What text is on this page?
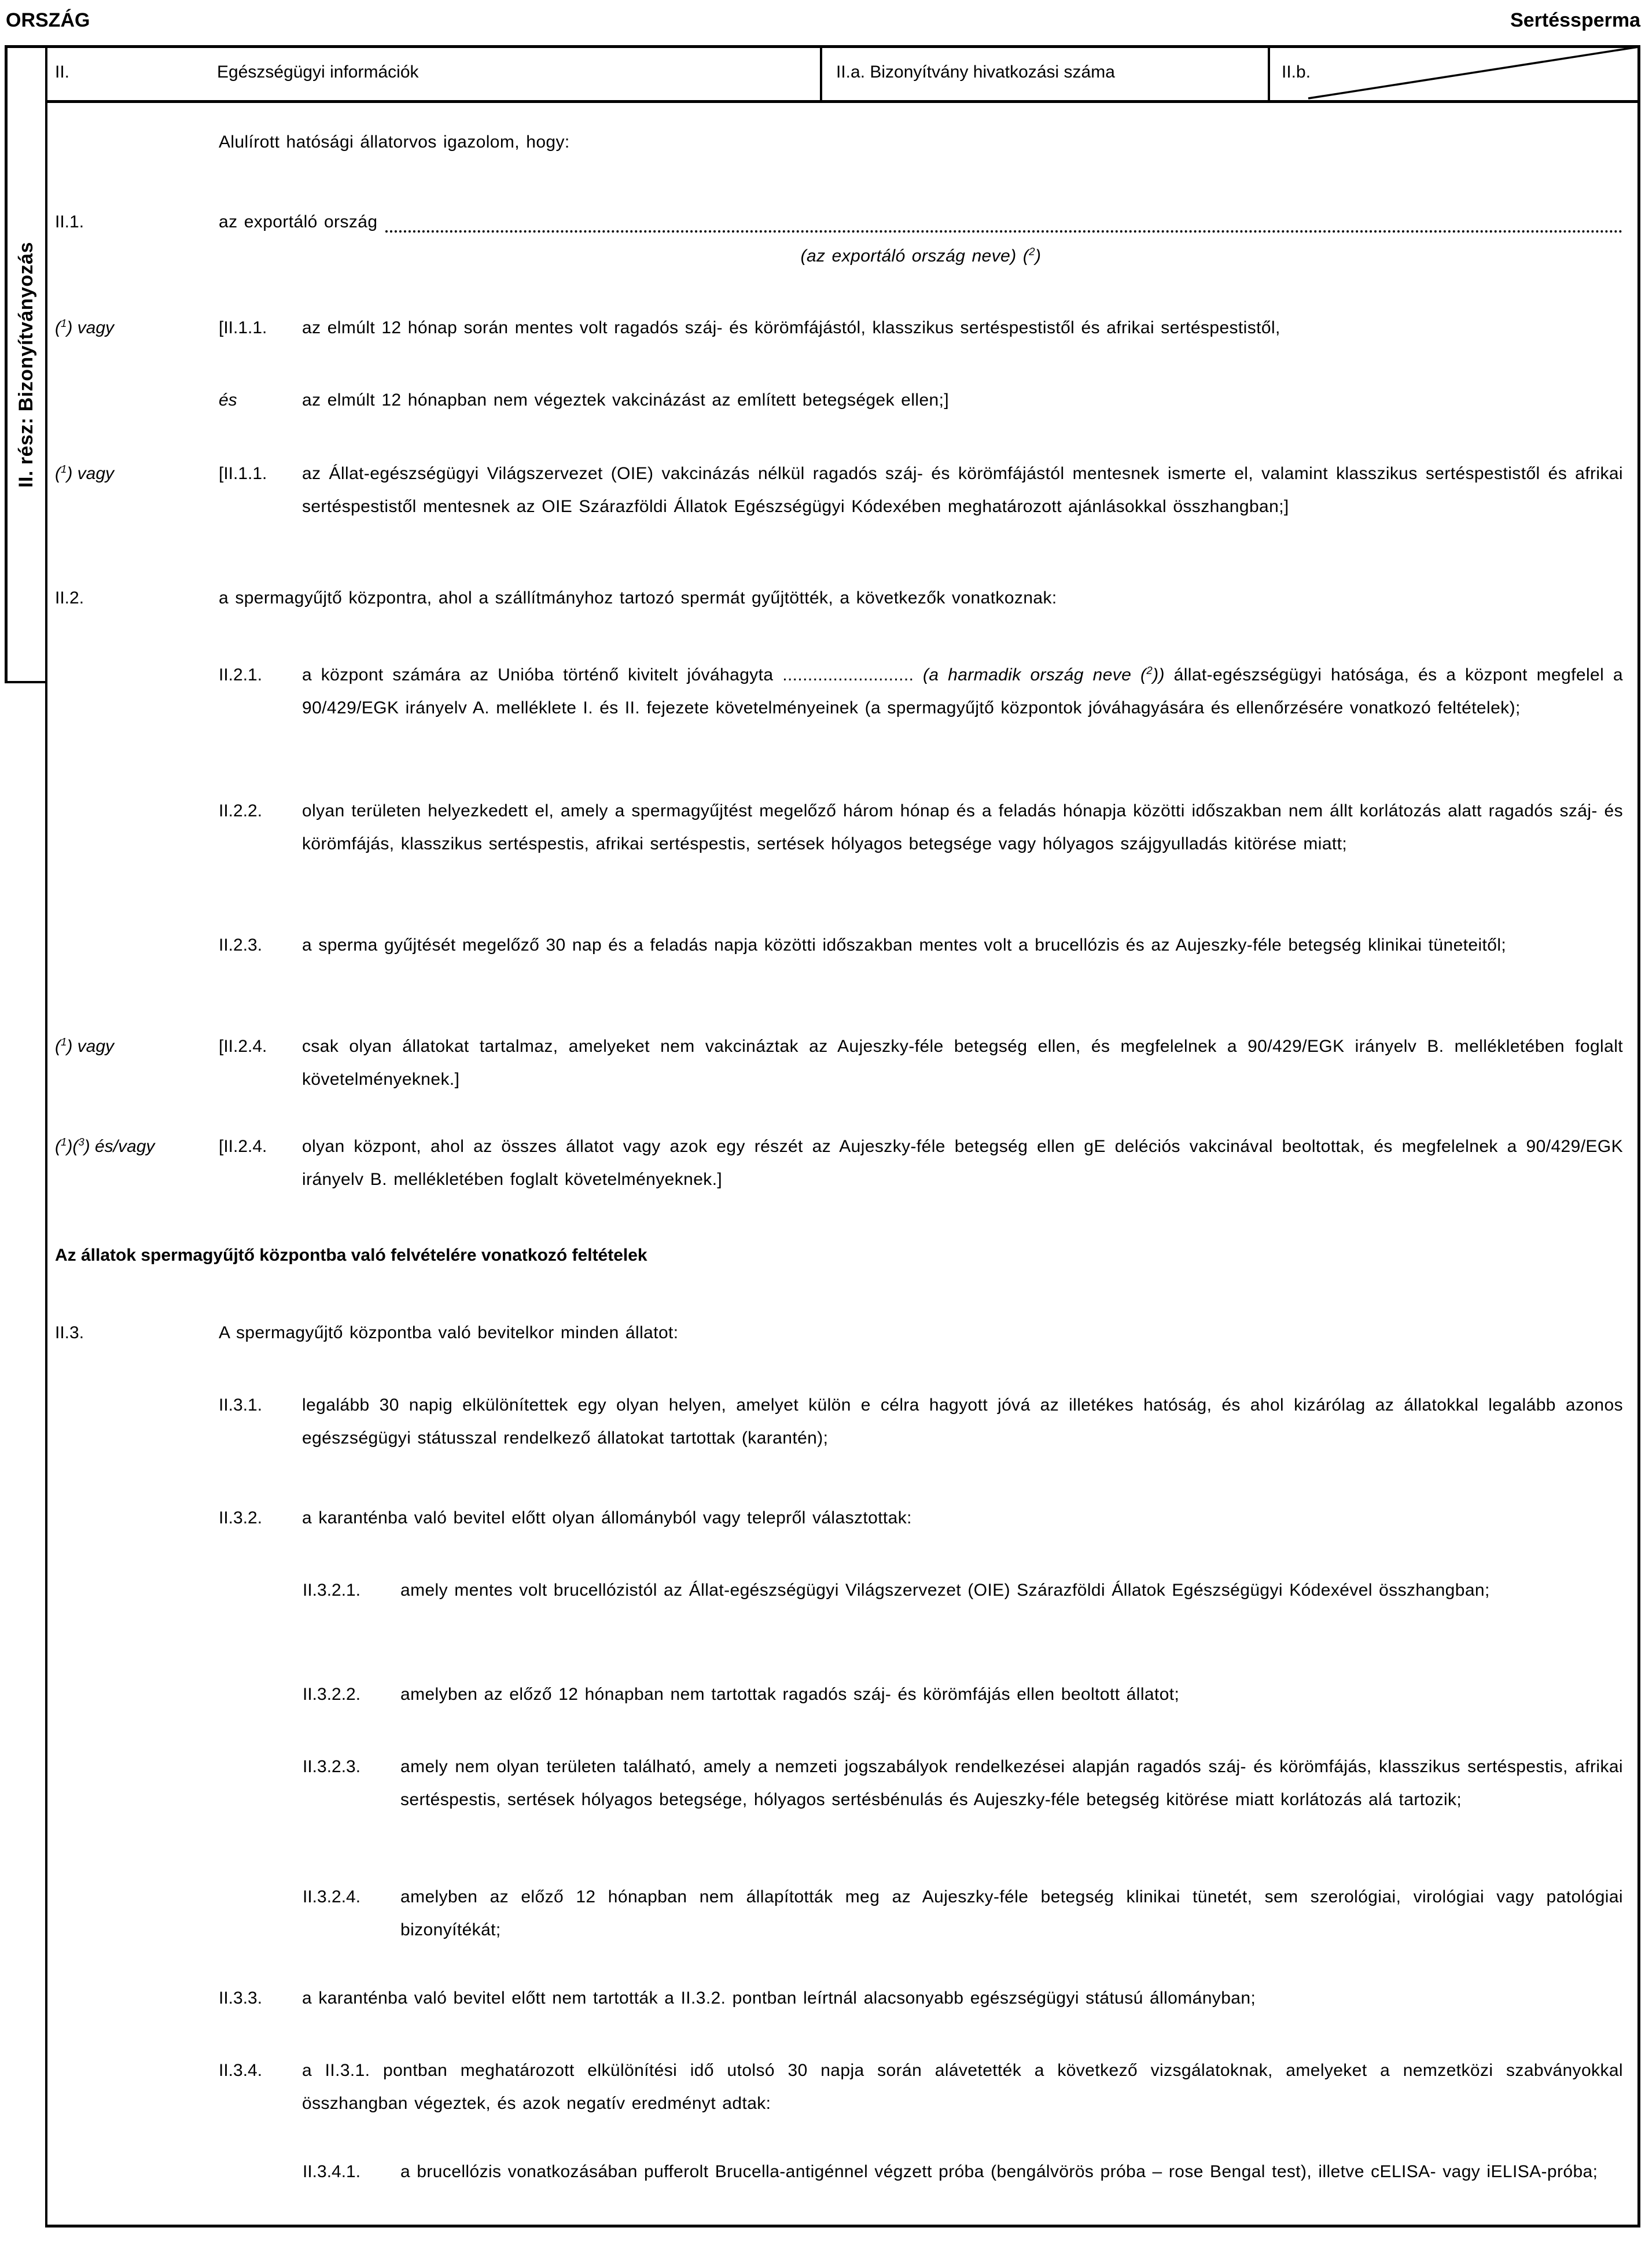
ORSZÁG	Sertéssperma
II. rész: Bizonyítványozás
II.	Egészségügyi információk	II.a. Bizonyítvány hivatkozási száma	II.b.
Alulírott hatósági állatorvos igazolom, hogy:
II.1.	az exportáló ország
(az exportáló ország neve) ($^2$)
($^1$) vagy	[II.1.1. az elmúlt 12 hónap során mentes volt ragadós száj- és körömfájástól, klasszikus sertéspestistől és afrikai sertéspestistől,
és	az elmúlt 12 hónapban nem végeztek vakcinázást az említett betegségek ellen;]
($^1$) vagy	[II.1.1. az Állat-egészségügyi Világszervezet (OIE) vakcinázás nélkül ragadós száj- és körömfájástól mentesnek ismerte el, valamint klasszikus sertéspestistől és afrikai sertéspestistől mentesnek az OIE Szárazföldi Állatok Egészségügyi Kódexében meghatározott ajánlásokkal összhangban;]
II.2.	a spermagyűjtő központra, ahol a szállítmányhoz tartozó spermát gyűjtötték, a következők vonatkoznak:
II.2.1. a központ számára az Unióba történő kivitelt jóváhagyta .......................... (a harmadik ország neve ($^2$)) állat-egészségügyi hatósága, és a központ megfelel a 90/429/EGK irányelv A. melléklete I. és II. fejezete követelményeinek (a spermagyűjtő központok jóváhagyására és ellenőrzésére vonatkozó feltételek);
II.2.2. olyan területen helyezkedett el, amely a spermagyűjtést megelőző három hónap és a feladás hónapja közötti időszakban nem állt korlátozás alatt ragadós száj- és körömfájás, klasszikus sertéspestis, afrikai sertéspestis, sertések hólyagos betegsége vagy hólyagos szájgyulladás kitörése miatt;
II.2.3. a sperma gyűjtését megelőző 30 nap és a feladás napja közötti időszakban mentes volt a brucellózis és az Aujeszky-féle betegség klinikai tüneteitől;
($^1$) vagy	[II.2.4. csak olyan állatokat tartalmaz, amelyeket nem vakcináztak az Aujeszky-féle betegség ellen, és megfelelnek a 90/429/EGK irányelv B. mellékletében foglalt követelményeknek.]
($^1$)($^3$) és/vagy	[II.2.4. olyan központ, ahol az összes állatot vagy azok egy részét az Aujeszky-féle betegség ellen gE deléciós vakcinával beoltottak, és megfelelnek a 90/429/EGK irányelv B. mellékletében foglalt követelményeknek.]
Az állatok spermagyűjtő központba való felvételére vonatkozó feltételek
II.3.	A spermagyűjtő központba való bevitelkor minden állatot:
II.3.1. legalább 30 napig elkülönítettek egy olyan helyen, amelyet külön e célra hagyott jóvá az illetékes hatóság, és ahol kizárólag az állatokkal legalább azonos egészségügyi státusszal rendelkező állatokat tartottak (karantén);
II.3.2. a karanténba való bevitel előtt olyan állományból vagy telepről választottak:
II.3.2.1. amely mentes volt brucellózistól az Állat-egészségügyi Világszervezet (OIE) Szárazföldi Állatok Egészségügyi Kódexével összhangban;
II.3.2.2. amelyben az előző 12 hónapban nem tartottak ragadós száj- és körömfájás ellen beoltott állatot;
II.3.2.3. amely nem olyan területen található, amely a nemzeti jogszabályok rendelkezései alapján ragadós száj- és körömfájás, klasszikus sertéspestis, afrikai sertéspestis, sertések hólyagos betegsége, hólyagos sertésbénulás és Aujeszky-féle betegség kitörése miatt korlátozás alá tartozik;
II.3.2.4. amelyben az előző 12 hónapban nem állapították meg az Aujeszky-féle betegség klinikai tünetét, sem szerológiai, virológiai vagy patológiai bizonyítékát;
II.3.3. a karanténba való bevitel előtt nem tartották a II.3.2. pontban leírtnál alacsonyabb egészségügyi státusú állományban;
II.3.4. a II.3.1. pontban meghatározott elkülönítési idő utolsó 30 napja során alávetették a következő vizsgálatoknak, amelyeket a nemzetközi szabványokkal összhangban végeztek, és azok negatív eredményt adtak:
II.3.4.1. a brucellózis vonatkozásában pufferolt Brucella-antigénnel végzett próba (bengálvörös próba – rose Bengal test), illetve cELISA- vagy iELISA-próba;
